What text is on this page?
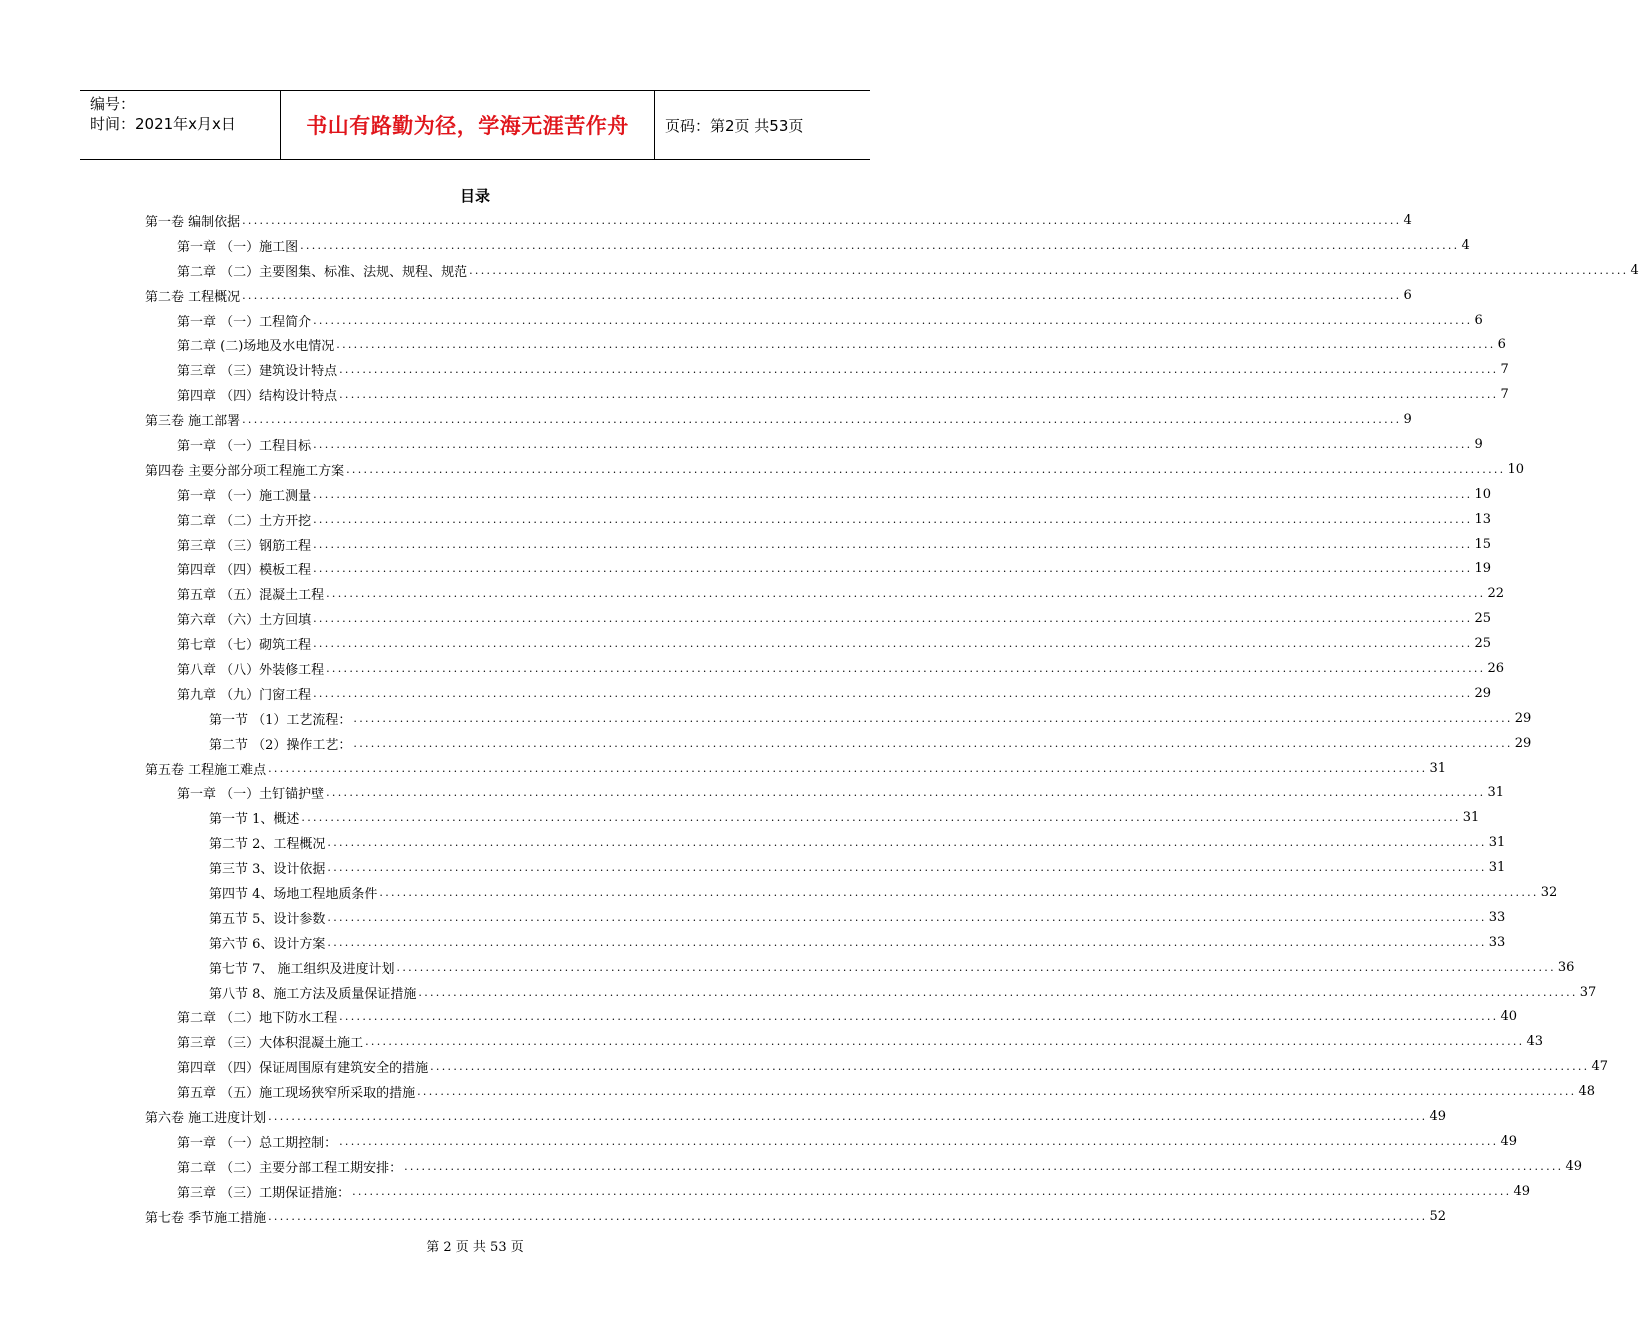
编号：
时间：2021年x月x日	书山有路勤为径，学海无涯苦作舟	页码：第2页 共53页
目录
第一卷 编制依据 ........................................................................................................................................................................................................ 4
第一章 （一）施工图 ........................................................................................................................................................................................................ 4
第二章 （二）主要图集、标准、法规、规程、规范 ........................................................................................................................................................................................................ 4
第二卷 工程概况 ........................................................................................................................................................................................................ 6
第一章 （一）工程简介 ........................................................................................................................................................................................................ 6
第二章 (二)场地及水电情况 ........................................................................................................................................................................................................ 6
第三章 （三）建筑设计特点 ........................................................................................................................................................................................................ 7
第四章 （四）结构设计特点 ........................................................................................................................................................................................................ 7
第三卷 施工部署 ........................................................................................................................................................................................................ 9
第一章 （一）工程目标 ........................................................................................................................................................................................................ 9
第四卷 主要分部分项工程施工方案 ........................................................................................................................................................................................................ 10
第一章 （一）施工测量 ........................................................................................................................................................................................................ 10
第二章 （二）土方开挖 ........................................................................................................................................................................................................ 13
第三章 （三）钢筋工程 ........................................................................................................................................................................................................ 15
第四章 （四）模板工程 ........................................................................................................................................................................................................ 19
第五章 （五）混凝土工程 ........................................................................................................................................................................................................ 22
第六章 （六）土方回填 ........................................................................................................................................................................................................ 25
第七章 （七）砌筑工程 ........................................................................................................................................................................................................ 25
第八章 （八）外装修工程 ........................................................................................................................................................................................................ 26
第九章 （九）门窗工程 ........................................................................................................................................................................................................ 29
第一节 （1）工艺流程： ........................................................................................................................................................................................................ 29
第二节 （2）操作工艺： ........................................................................................................................................................................................................ 29
第五卷 工程施工难点 ........................................................................................................................................................................................................ 31
第一章 （一）土钉锚护壁 ........................................................................................................................................................................................................ 31
第一节 1、概述 ........................................................................................................................................................................................................ 31
第二节 2、工程概况 ........................................................................................................................................................................................................ 31
第三节 3、设计依据 ........................................................................................................................................................................................................ 31
第四节 4、场地工程地质条件 ........................................................................................................................................................................................................ 32
第五节 5、设计参数 ........................................................................................................................................................................................................ 33
第六节 6、设计方案 ........................................................................................................................................................................................................ 33
第七节 7、 施工组织及进度计划 ........................................................................................................................................................................................................ 36
第八节 8、施工方法及质量保证措施 ........................................................................................................................................................................................................ 37
第二章 （二）地下防水工程 ........................................................................................................................................................................................................ 40
第三章 （三）大体积混凝土施工 ........................................................................................................................................................................................................ 43
第四章 （四）保证周围原有建筑安全的措施 ........................................................................................................................................................................................................ 47
第五章 （五）施工现场狭窄所采取的措施 ........................................................................................................................................................................................................ 48
第六卷 施工进度计划 ........................................................................................................................................................................................................ 49
第一章 （一）总工期控制： ........................................................................................................................................................................................................ 49
第二章 （二）主要分部工程工期安排： ........................................................................................................................................................................................................ 49
第三章 （三）工期保证措施： ........................................................................................................................................................................................................ 49
第七卷 季节施工措施 ........................................................................................................................................................................................................ 52
第 2 页 共 53 页
